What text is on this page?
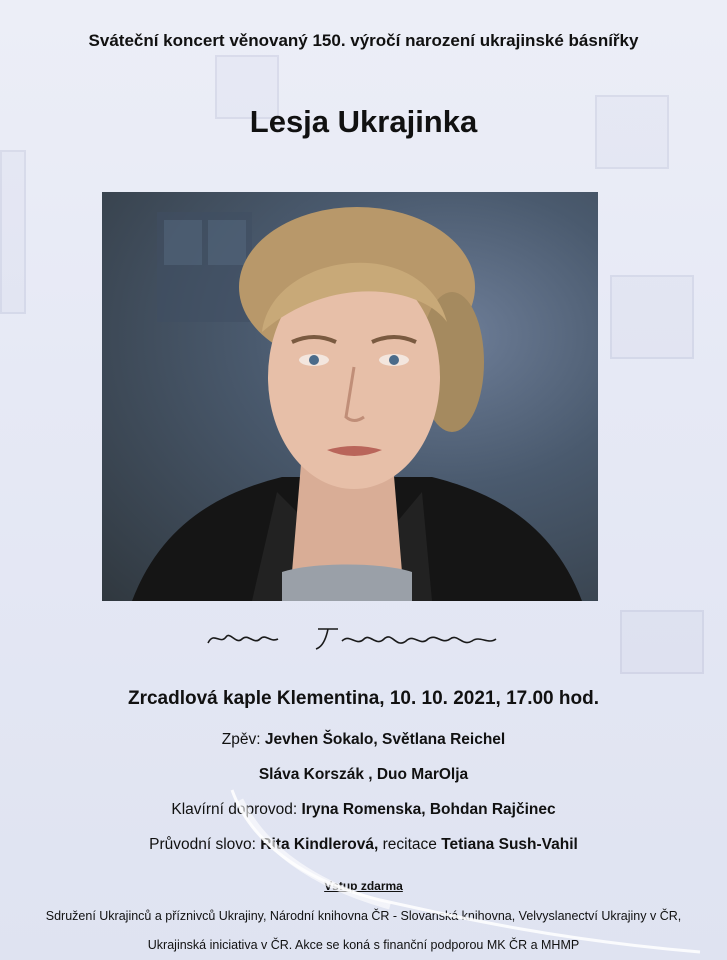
Sváteční koncert věnovaný 150. výročí narození ukrajinské básnířky
Lesja Ukrajinka
Zrcadlová kaple Klementina, 10. 10. 2021, 17.00 hod.
Zpěv: Jevhen Šokalo, Světlana Reichel
Sláva Korszák , Duo MarOlja
Klavírní doprovod: Iryna Romenska, Bohdan Rajčinec
Průvodní slovo: Rita Kindlerová, recitace Tetiana Sush-Vahil
Vstup zdarma
Sdružení Ukrajinců a příznivců Ukrajiny, Národní knihovna ČR - Slovanská knihovna, Velvyslanectví Ukrajiny v ČR,
Ukrajinská iniciativa v ČR. Akce se koná s finanční podporou MK ČR a MHMP
